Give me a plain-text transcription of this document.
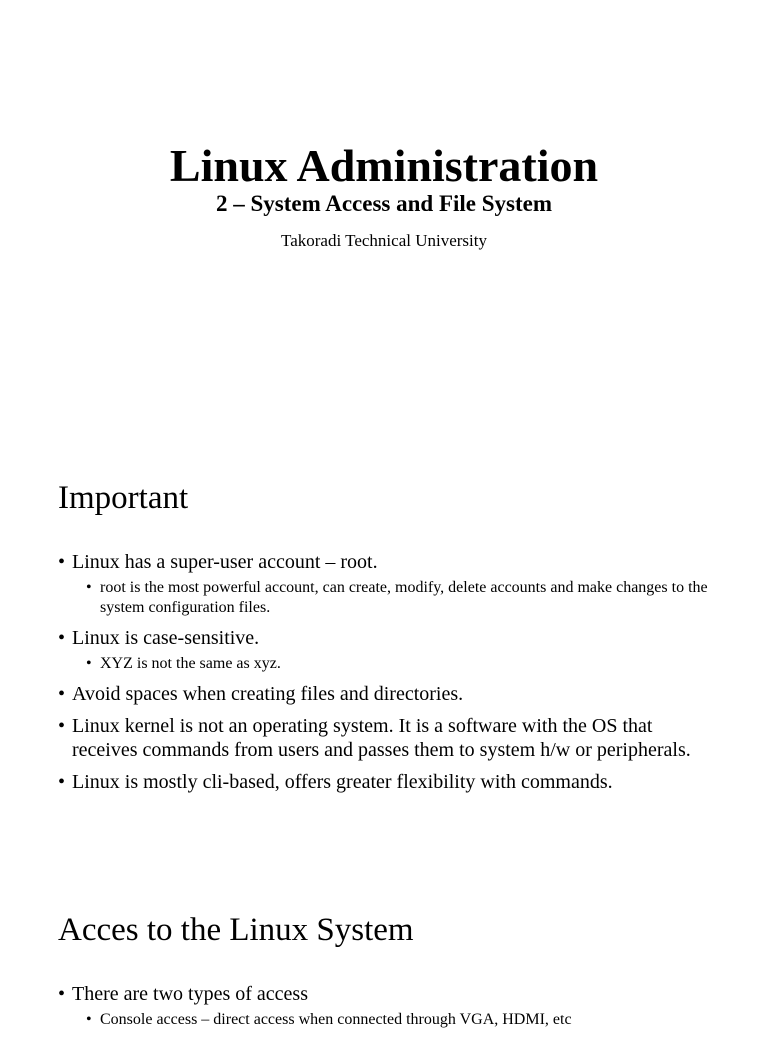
Linux Administration
2 – System Access and File System

Takoradi Technical University

Important
• Linux has a super-user account – root.
• root is the most powerful account, can create, modify, delete accounts and make changes to the system configuration files.
• Linux is case-sensitive.
• XYZ is not the same as xyz.
• Avoid spaces when creating files and directories.
• Linux kernel is not an operating system. It is a software with the OS that receives commands from users and passes them to system h/w or peripherals.
• Linux is mostly cli-based, offers greater flexibility with commands.
Acces to the Linux System
• There are two types of access
• Console access – direct access when connected through VGA, HDMI, etc
